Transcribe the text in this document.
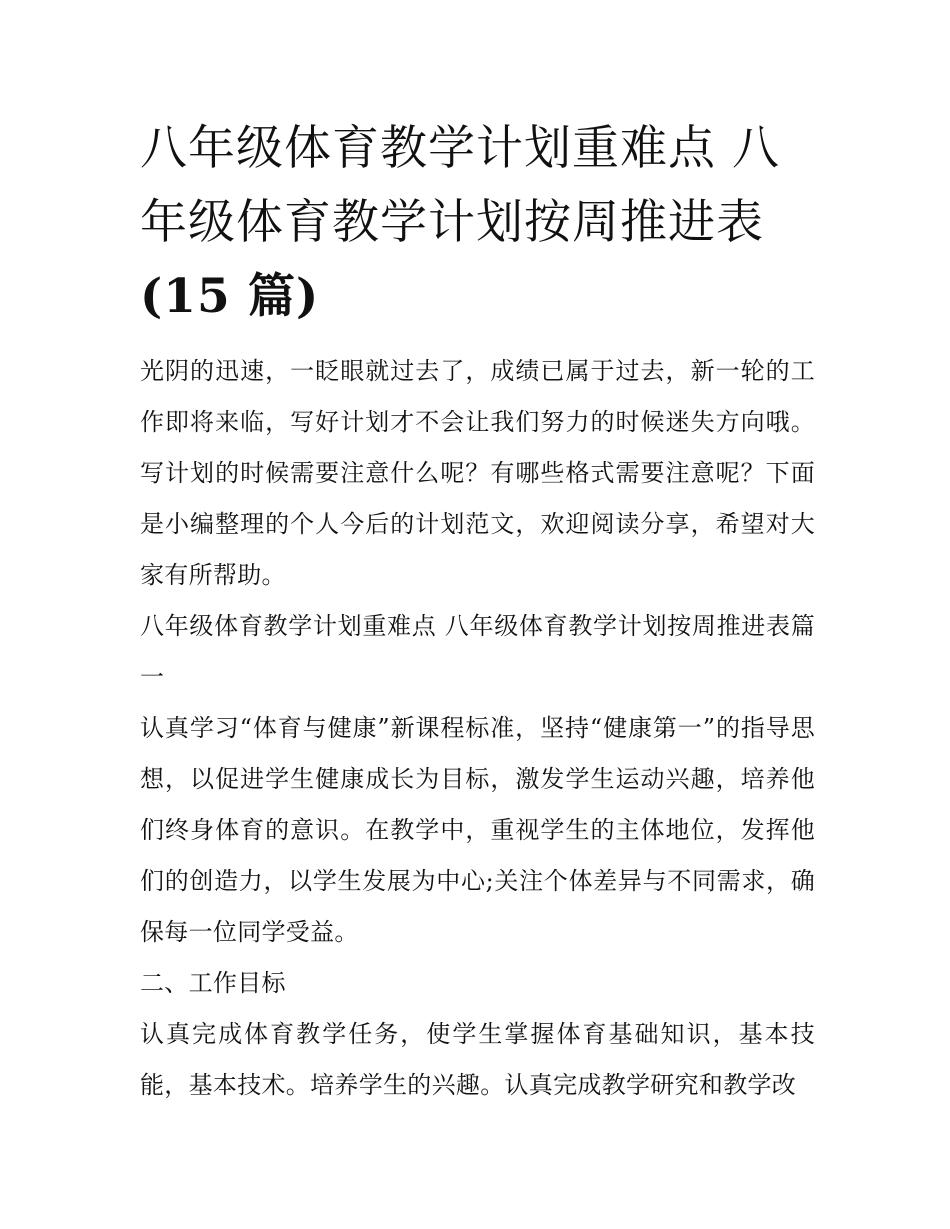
八年级体育教学计划重难点 八
年级体育教学计划按周推进表
(15 篇)

光阴的迅速，一眨眼就过去了，成绩已属于过去，新一轮的工作即将来临，写好计划才不会让我们努力的时候迷失方向哦。写计划的时候需要注意什么呢？有哪些格式需要注意呢？下面是小编整理的个人今后的计划范文，欢迎阅读分享，希望对大家有所帮助。

八年级体育教学计划重难点 八年级体育教学计划按周推进表篇一

认真学习“体育与健康”新课程标准，坚持“健康第一”的指导思想，以促进学生健康成长为目标，激发学生运动兴趣，培养他们终身体育的意识。在教学中，重视学生的主体地位，发挥他们的创造力，以学生发展为中心;关注个体差异与不同需求，确保每一位同学受益。

二、工作目标

认真完成体育教学任务，使学生掌握体育基础知识，基本技能，基本技术。培养学生的兴趣。认真完成教学研究和教学改
